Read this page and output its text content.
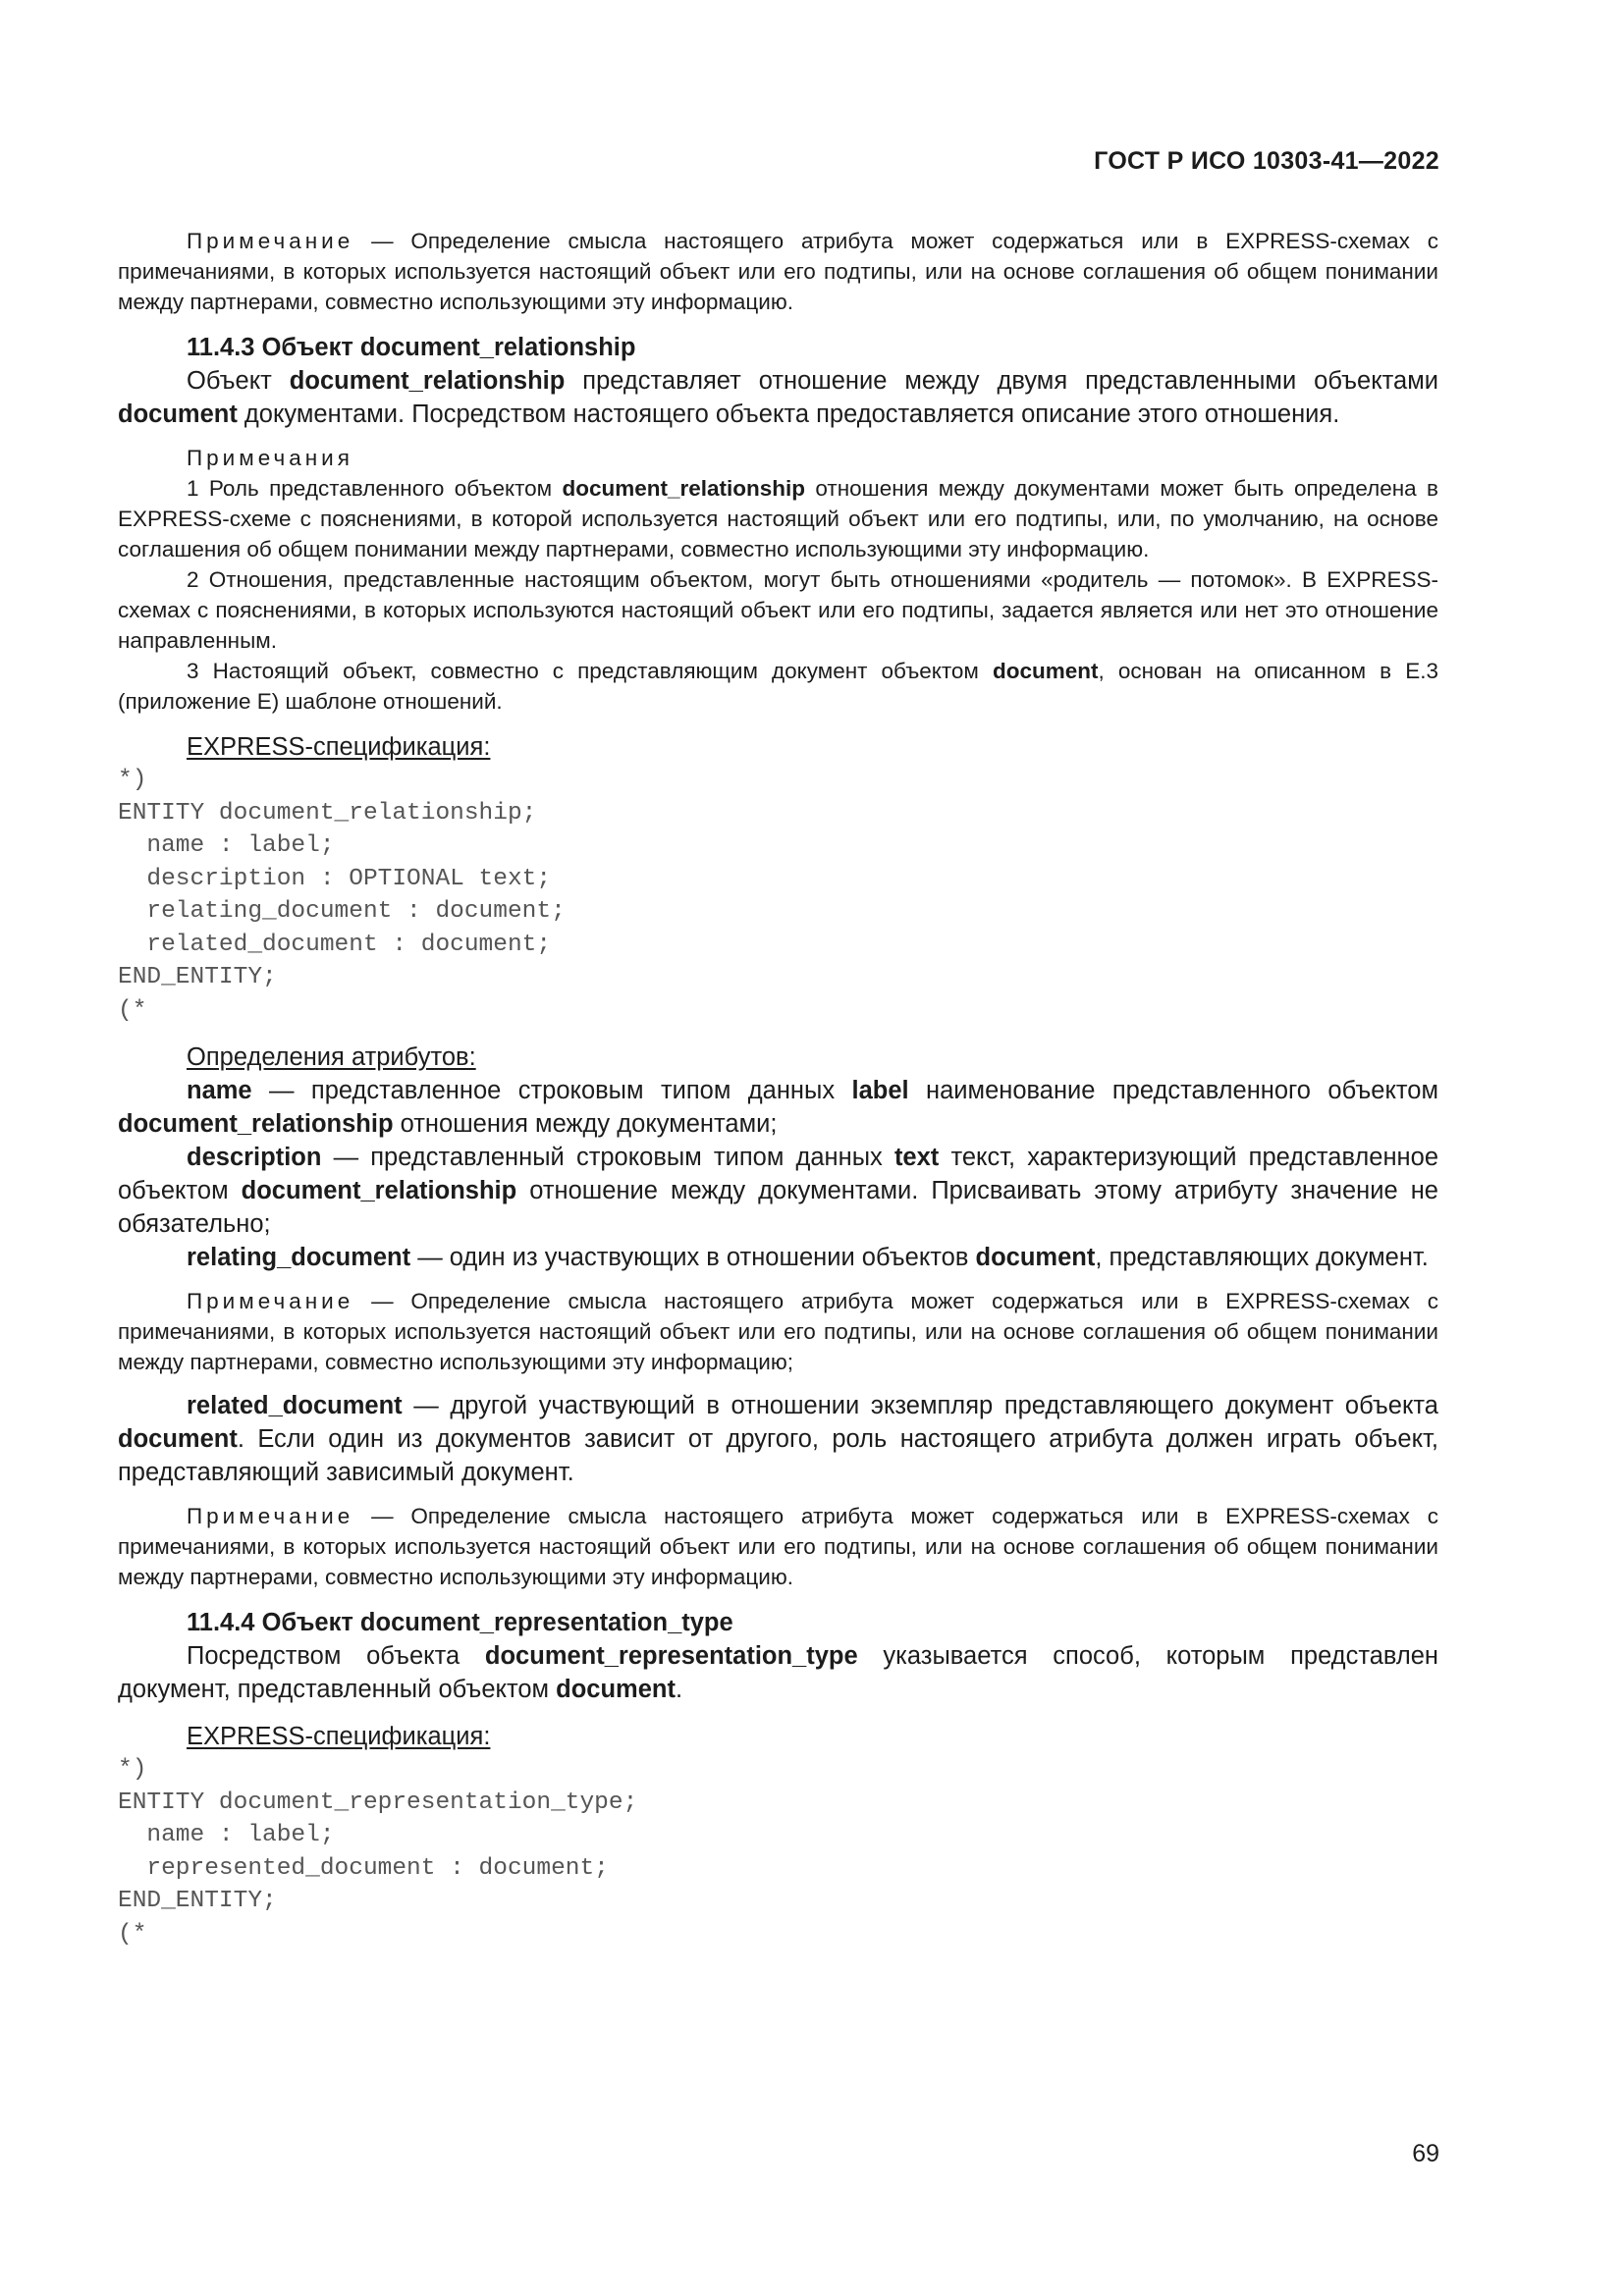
ГОСТ Р ИСО 10303-41—2022

Примечание — Определение смысла настоящего атрибута может содержаться или в EXPRESS-схемах с примечаниями, в которых используется настоящий объект или его подтипы, или на основе соглашения об общем понимании между партнерами, совместно использующими эту информацию.

11.4.3 Объект document_relationship

Объект document_relationship представляет отношение между двумя представленными объектами document документами. Посредством настоящего объекта предоставляется описание этого отношения.

Примечания

1 Роль представленного объектом document_relationship отношения между документами может быть определена в EXPRESS-схеме с пояснениями, в которой используется настоящий объект или его подтипы, или, по умолчанию, на основе соглашения об общем понимании между партнерами, совместно использующими эту информацию.

2 Отношения, представленные настоящим объектом, могут быть отношениями «родитель — потомок». В EXPRESS-схемах с пояснениями, в которых используются настоящий объект или его подтипы, задается является или нет это отношение направленным.

3 Настоящий объект, совместно с представляющим документ объектом document, основан на описанном в Е.3 (приложение Е) шаблоне отношений.

EXPRESS-спецификация:

*)

ENTITY document_relationship;

name : label;

description : OPTIONAL text;

relating_document : document;

related_document : document;

END_ENTITY;

(*

Определения атрибутов:

name — представленное строковым типом данных label наименование представленного объектом document_relationship отношения между документами;

description — представленный строковым типом данных text текст, характеризующий представленное объектом document_relationship отношение между документами. Присваивать этому атрибуту значение не обязательно;

relating_document — один из участвующих в отношении объектов document, представляющих документ.

Примечание — Определение смысла настоящего атрибута может содержаться или в EXPRESS-схемах с примечаниями, в которых используется настоящий объект или его подтипы, или на основе соглашения об общем понимании между партнерами, совместно использующими эту информацию;

related_document — другой участвующий в отношении экземпляр представляющего документ объекта document. Если один из документов зависит от другого, роль настоящего атрибута должен играть объект, представляющий зависимый документ.

Примечание — Определение смысла настоящего атрибута может содержаться или в EXPRESS-схемах с примечаниями, в которых используется настоящий объект или его подтипы, или на основе соглашения об общем понимании между партнерами, совместно использующими эту информацию.

11.4.4 Объект document_representation_type

Посредством объекта document_representation_type указывается способ, которым представлен документ, представленный объектом document.

EXPRESS-спецификация:

*)

ENTITY document_representation_type;

name : label;

represented_document : document;

END_ENTITY;

(*

69
